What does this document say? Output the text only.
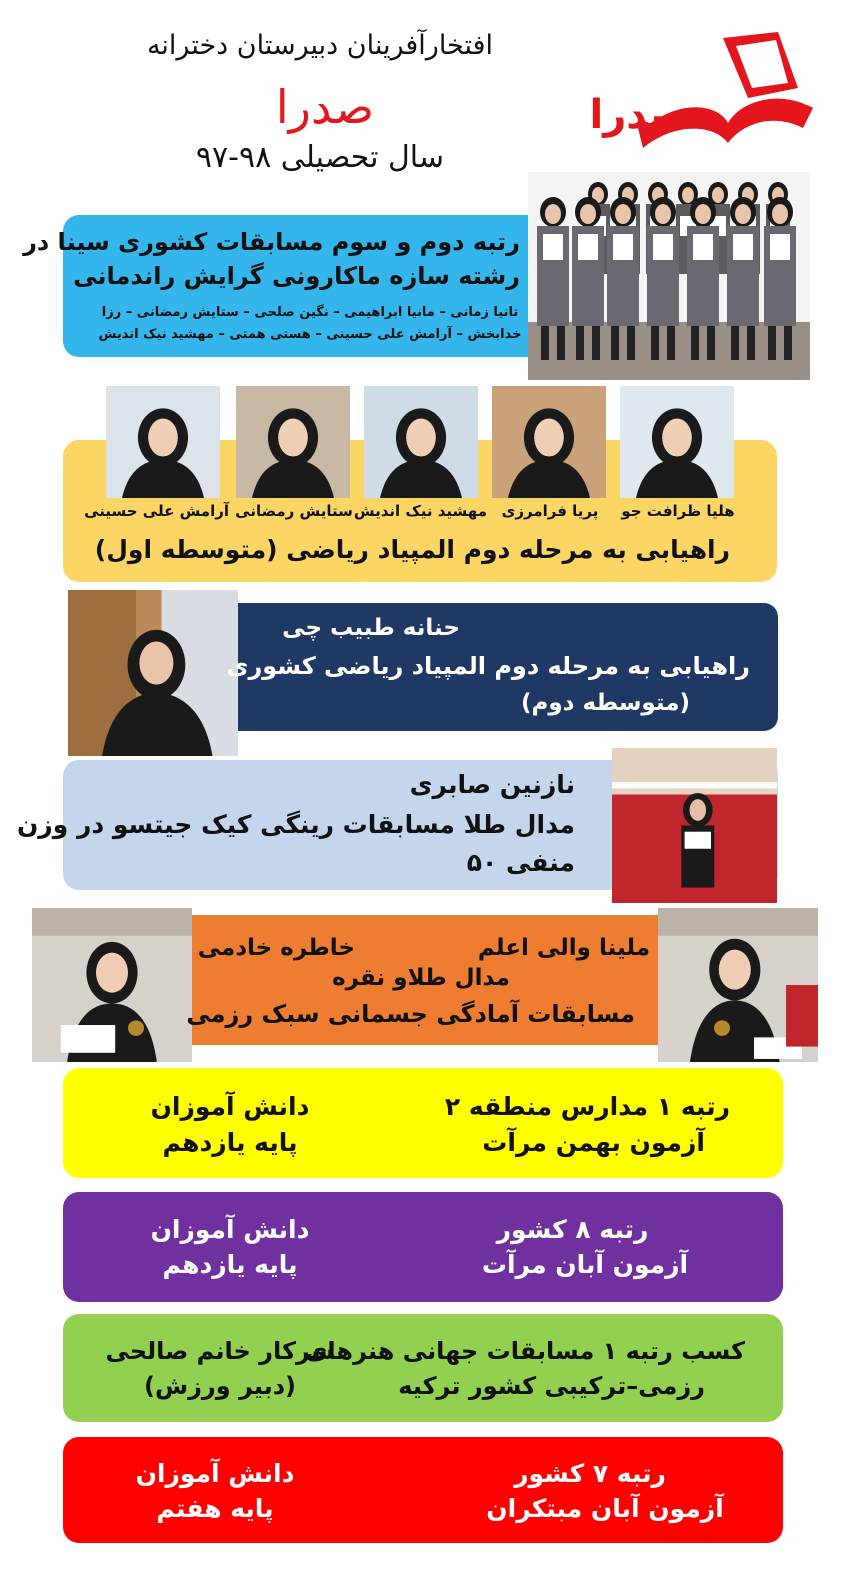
افتخارآفرینان دبیرستان دخترانه
صدرا
سال تحصیلی ۹۸-۹۷
صدرا
رتبه دوم و سوم مسابقات کشوری سینا در
رشته سازه ماکارونی گرایش راندمانی
تانیا زمانی – مانیا ابراهیمی – نگین صلحی – ستایش رمضانی – رزا
خدابخش – آرامش علی حسینی – هستی همتی – مهشید نیک اندیش
هلیا ظرافت جو
پریا فرامرزی
مهشید نیک اندیش
ستایش رمضانی
آرامش علی حسینی
راهیابی به مرحله دوم المپیاد ریاضی (متوسطه اول)
حنانه طبیب چی
راهیابی به مرحله دوم المپیاد ریاضی کشوری
(متوسطه دوم)
نازنین صابری
مدال طلا مسابقات رینگی کیک جیتسو در وزن
منفی ۵۰
ملینا والی اعلم
خاطره خادمی
مدال طلاو نقره
مسابقات آمادگی جسمانی سبک رزمی
رتبه ۱ مدارس منطقه ۲
آزمون بهمن مرآت
دانش آموزان
پایه یازدهم
رتبه ۸ کشور
آزمون آبان مرآت
دانش آموزان
پایه یازدهم
کسب رتبه ۱ مسابقات جهانی هنرهای
رزمی–ترکیبی کشور ترکیه
سرکار خانم صالحی
(دبیر ورزش)
رتبه ۷ کشور
آزمون آبان مبتکران
دانش آموزان
پایه هفتم
